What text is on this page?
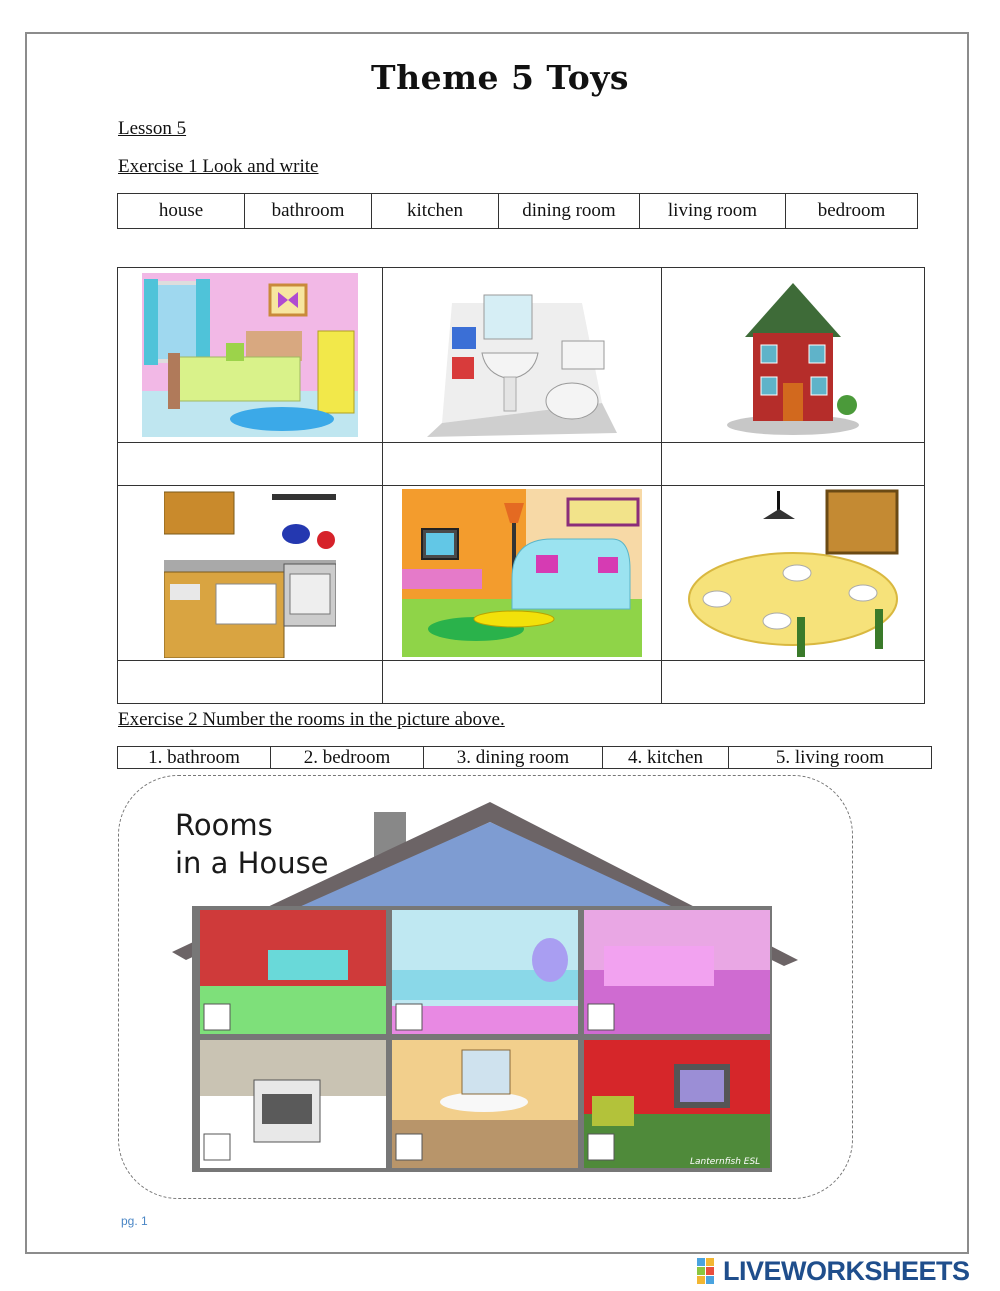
Theme 5 Toys
Lesson 5
Exercise 1 Look and write
house	bathroom	kitchen	dining room	living room	bedroom

Exercise 2 Number the rooms in the picture above.
1. bathroom	2. bedroom	3. dining room	4. kitchen	5. living room
Lanternfish ESL
Rooms
in a House
pg. 1
LIVEWORKSHEETS
